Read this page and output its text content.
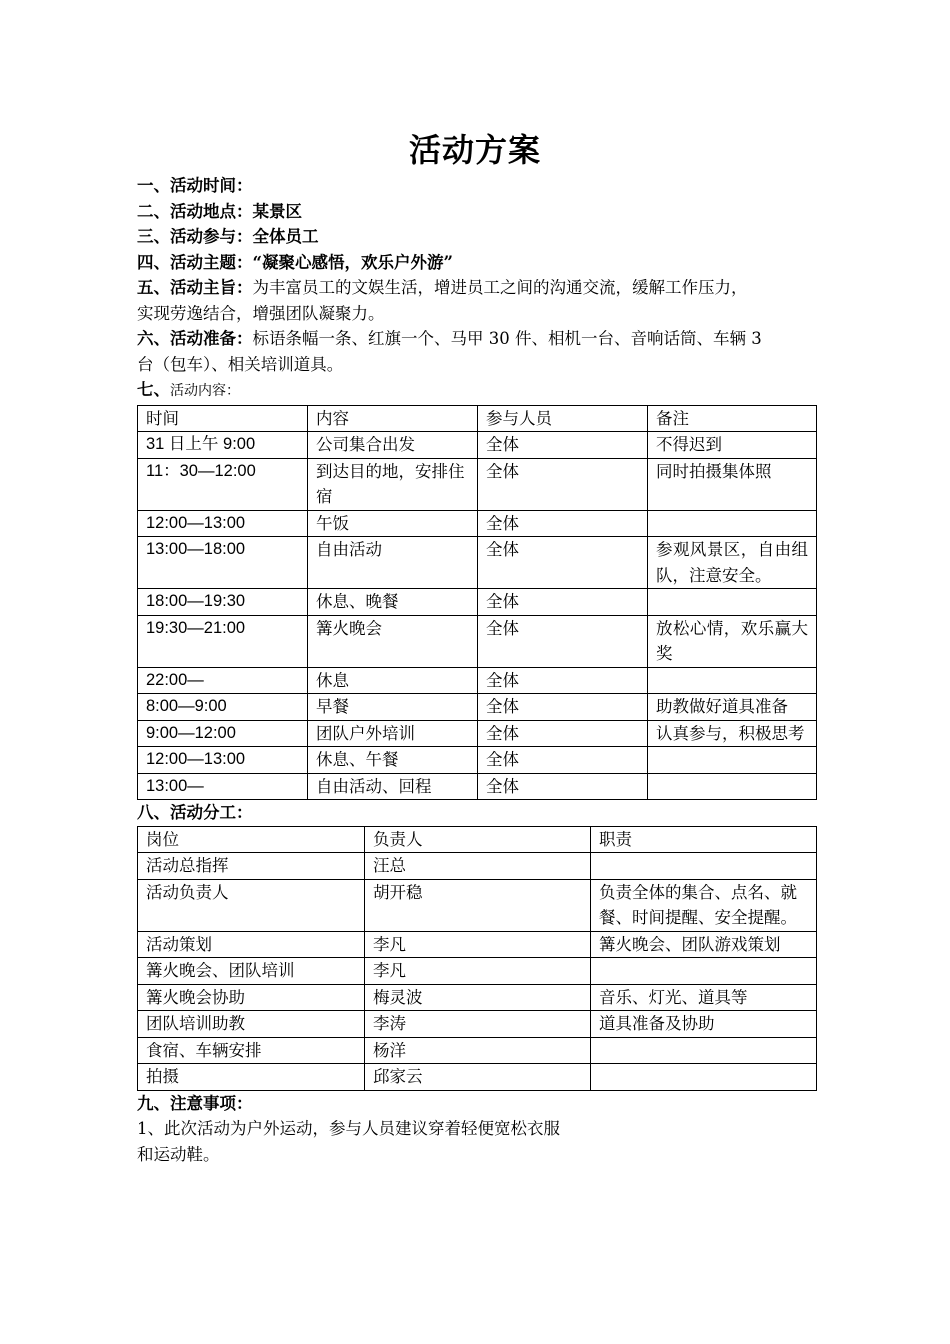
活动方案
一、活动时间：
二、活动地点：某景区
三、活动参与：全体员工
四、活动主题：“凝聚心感悟，欢乐户外游”
五、活动主旨：为丰富员工的文娱生活，增进员工之间的沟通交流，缓解工作压力，
实现劳逸结合，增强团队凝聚力。
六、活动准备：标语条幅一条、红旗一个、马甲 30 件、相机一台、音响话筒、车辆 3
台（包车）、相关培训道具。
七、活动内容：
时间	内容	参与人员	备注
31 日上午 9:00	公司集合出发	全体	不得迟到
11：30—12:00	到达目的地，安排住宿	全体	同时拍摄集体照
12:00—13:00	午饭	全体	
13:00—18:00	自由活动	全体	参观风景区，自由组队，注意安全。
18:00—19:30	休息、晚餐	全体	
19:30—21:00	篝火晚会	全体	放松心情，欢乐赢大奖
22:00—	休息	全体	
8:00—9:00	早餐	全体	助教做好道具准备
9:00—12:00	团队户外培训	全体	认真参与，积极思考
12:00—13:00	休息、午餐	全体	
13:00—	自由活动、回程	全体	
八、活动分工：
岗位	负责人	职责
活动总指挥	汪总	
活动负责人	胡开稳	负责全体的集合、点名、就餐、时间提醒、安全提醒。
活动策划	李凡	篝火晚会、团队游戏策划
篝火晚会、团队培训	李凡	
篝火晚会协助	梅灵波	音乐、灯光、道具等
团队培训助教	李涛	道具准备及协助
食宿、车辆安排	杨洋	
拍摄	邱家云	
九、注意事项：
1、此次活动为户外运动，参与人员建议穿着轻便宽松衣服
和运动鞋。
